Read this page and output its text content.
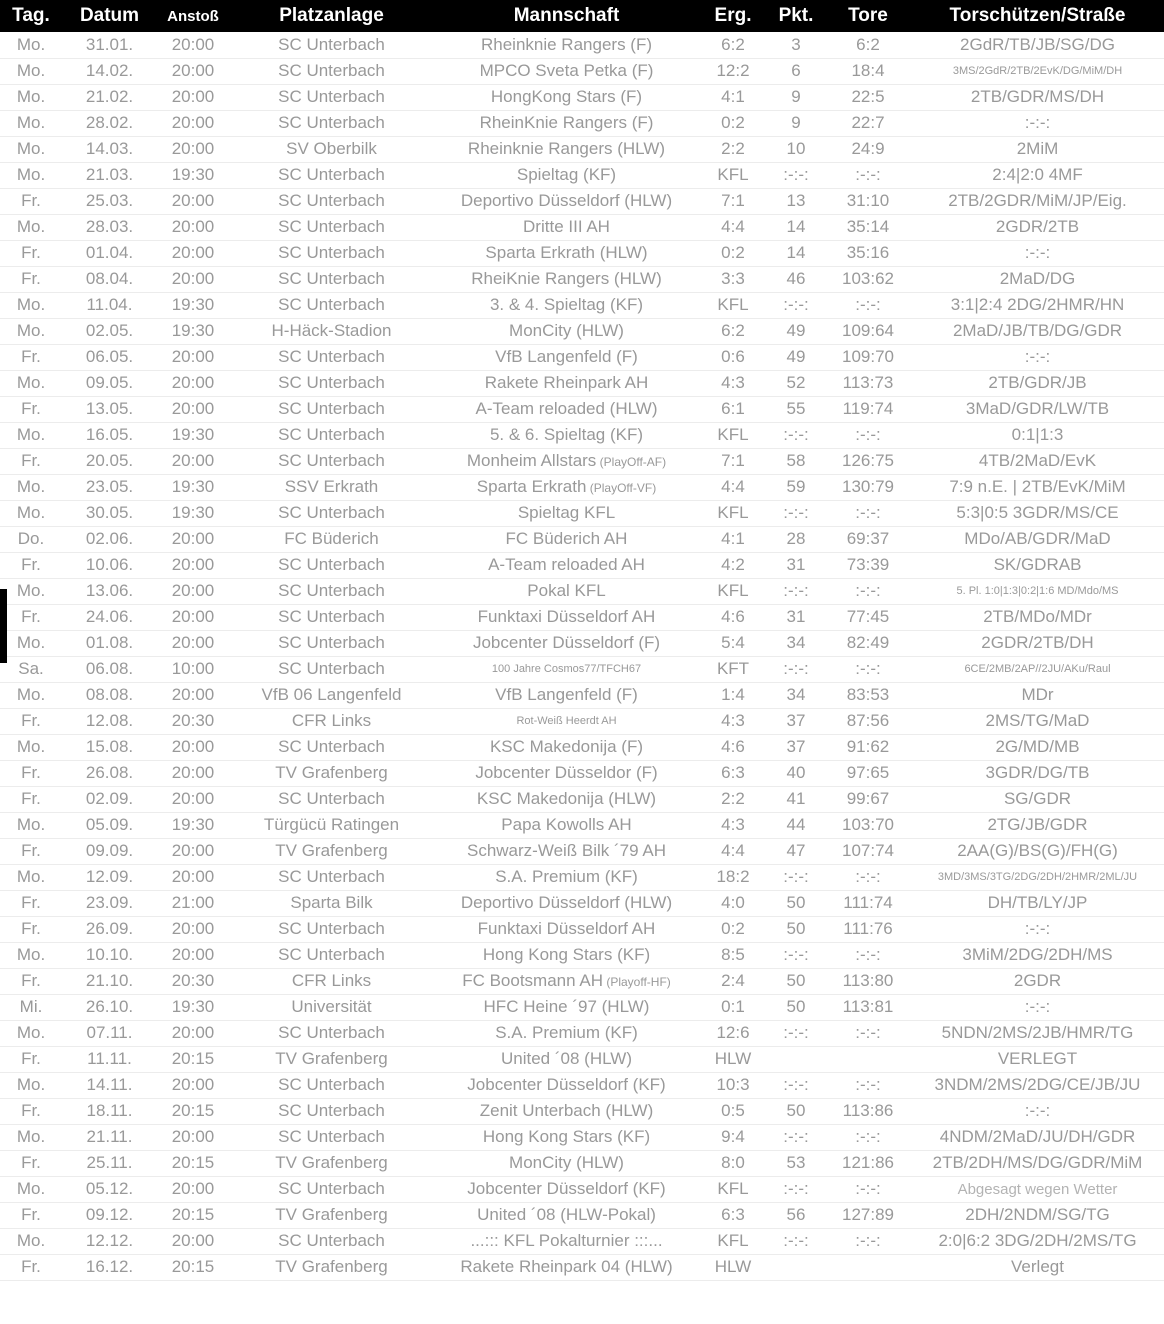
Tag.	Datum	Anstoß	Platzanlage	Mannschaft	Erg.	Pkt.	Tore	Torschützen/Straße
Mo.	31.01.	20:00	SC Unterbach	Rheinknie Rangers (F)	6:2	3	6:2	2GdR/TB/JB/SG/DG
Mo.	14.02.	20:00	SC Unterbach	MPCO Sveta Petka (F)	12:2	6	18:4	3MS/2GdR/2TB/2EvK/DG/MiM/DH
Mo.	21.02.	20:00	SC Unterbach	HongKong Stars (F)	4:1	9	22:5	2TB/GDR/MS/DH
Mo.	28.02.	20:00	SC Unterbach	RheinKnie Rangers (F)	0:2	9	22:7	:-:-:
Mo.	14.03.	20:00	SV Oberbilk	Rheinknie Rangers (HLW)	2:2	10	24:9	2MiM
Mo.	21.03.	19:30	SC Unterbach	Spieltag (KF)	KFL	:-:-:	:-:-:	2:4|2:0 4MF
Fr.	25.03.	20:00	SC Unterbach	Deportivo Düsseldorf (HLW)	7:1	13	31:10	2TB/2GDR/MiM/JP/Eig.
Mo.	28.03.	20:00	SC Unterbach	Dritte III AH	4:4	14	35:14	2GDR/2TB
Fr.	01.04.	20:00	SC Unterbach	Sparta Erkrath (HLW)	0:2	14	35:16	:-:-:
Fr.	08.04.	20:00	SC Unterbach	RheiKnie Rangers (HLW)	3:3	46	103:62	2MaD/DG
Mo.	11.04.	19:30	SC Unterbach	3. & 4. Spieltag (KF)	KFL	:-:-:	:-:-:	3:1|2:4 2DG/2HMR/HN
Mo.	02.05.	19:30	H-Häck-Stadion	MonCity (HLW)	6:2	49	109:64	2MaD/JB/TB/DG/GDR
Fr.	06.05.	20:00	SC Unterbach	VfB Langenfeld (F)	0:6	49	109:70	:-:-:
Mo.	09.05.	20:00	SC Unterbach	Rakete Rheinpark AH	4:3	52	113:73	2TB/GDR/JB
Fr.	13.05.	20:00	SC Unterbach	A-Team reloaded (HLW)	6:1	55	119:74	3MaD/GDR/LW/TB
Mo.	16.05.	19:30	SC Unterbach	5. & 6. Spieltag (KF)	KFL	:-:-:	:-:-:	0:1|1:3
Fr.	20.05.	20:00	SC Unterbach	Monheim Allstars (PlayOff-AF)	7:1	58	126:75	4TB/2MaD/EvK
Mo.	23.05.	19:30	SSV Erkrath	Sparta Erkrath (PlayOff-VF)	4:4	59	130:79	7:9 n.E. | 2TB/EvK/MiM
Mo.	30.05.	19:30	SC Unterbach	Spieltag KFL	KFL	:-:-:	:-:-:	5:3|0:5 3GDR/MS/CE
Do.	02.06.	20:00	FC Büderich	FC Büderich AH	4:1	28	69:37	MDo/AB/GDR/MaD
Fr.	10.06.	20:00	SC Unterbach	A-Team reloaded AH	4:2	31	73:39	SK/GDRAB
Mo.	13.06.	20:00	SC Unterbach	Pokal KFL	KFL	:-:-:	:-:-:	5. Pl. 1:0|1:3|0:2|1:6 MD/Mdo/MS
Fr.	24.06.	20:00	SC Unterbach	Funktaxi Düsseldorf AH	4:6	31	77:45	2TB/MDo/MDr
Mo.	01.08.	20:00	SC Unterbach	Jobcenter Düsseldorf (F)	5:4	34	82:49	2GDR/2TB/DH
Sa.	06.08.	10:00	SC Unterbach	100 Jahre Cosmos77/TFCH67	KFT	:-:-:	:-:-:	6CE/2MB/2AP//2JU/AKu/Raul
Mo.	08.08.	20:00	VfB 06 Langenfeld	VfB Langenfeld (F)	1:4	34	83:53	MDr
Fr.	12.08.	20:30	CFR Links	Rot-Weiß Heerdt AH	4:3	37	87:56	2MS/TG/MaD
Mo.	15.08.	20:00	SC Unterbach	KSC Makedonija (F)	4:6	37	91:62	2G/MD/MB
Fr.	26.08.	20:00	TV Grafenberg	Jobcenter Düsseldor (F)	6:3	40	97:65	3GDR/DG/TB
Fr.	02.09.	20:00	SC Unterbach	KSC Makedonija (HLW)	2:2	41	99:67	SG/GDR
Mo.	05.09.	19:30	Türgücü Ratingen	Papa Kowolls AH	4:3	44	103:70	2TG/JB/GDR
Fr.	09.09.	20:00	TV Grafenberg	Schwarz-Weiß Bilk ´79 AH	4:4	47	107:74	2AA(G)/BS(G)/FH(G)
Mo.	12.09.	20:00	SC Unterbach	S.A. Premium (KF)	18:2	:-:-:	:-:-:	3MD/3MS/3TG/2DG/2DH/2HMR/2ML/JU
Fr.	23.09.	21:00	Sparta Bilk	Deportivo Düsseldorf (HLW)	4:0	50	111:74	DH/TB/LY/JP
Fr.	26.09.	20:00	SC Unterbach	Funktaxi Düsseldorf AH	0:2	50	111:76	:-:-:
Mo.	10.10.	20:00	SC Unterbach	Hong Kong Stars (KF)	8:5	:-:-:	:-:-:	3MiM/2DG/2DH/MS
Fr.	21.10.	20:30	CFR Links	FC Bootsmann AH (Playoff-HF)	2:4	50	113:80	2GDR
Mi.	26.10.	19:30	Universität	HFC Heine ´97 (HLW)	0:1	50	113:81	:-:-:
Mo.	07.11.	20:00	SC Unterbach	S.A. Premium (KF)	12:6	:-:-:	:-:-:	5NDN/2MS/2JB/HMR/TG
Fr.	11.11.	20:15	TV Grafenberg	United ´08 (HLW)	HLW			VERLEGT
Mo.	14.11.	20:00	SC Unterbach	Jobcenter Düsseldorf (KF)	10:3	:-:-:	:-:-:	3NDM/2MS/2DG/CE/JB/JU
Fr.	18.11.	20:15	SC Unterbach	Zenit Unterbach (HLW)	0:5	50	113:86	:-:-:
Mo.	21.11.	20:00	SC Unterbach	Hong Kong Stars (KF)	9:4	:-:-:	:-:-:	4NDM/2MaD/JU/DH/GDR
Fr.	25.11.	20:15	TV Grafenberg	MonCity (HLW)	8:0	53	121:86	2TB/2DH/MS/DG/GDR/MiM
Mo.	05.12.	20:00	SC Unterbach	Jobcenter Düsseldorf (KF)	KFL	:-:-:	:-:-:	Abgesagt wegen Wetter
Fr.	09.12.	20:15	TV Grafenberg	United ´08 (HLW-Pokal)	6:3	56	127:89	2DH/2NDM/SG/TG
Mo.	12.12.	20:00	SC Unterbach	...::: KFL Pokalturnier :::...	KFL	:-:-:	:-:-:	2:0|6:2 3DG/2DH/2MS/TG
Fr.	16.12.	20:15	TV Grafenberg	Rakete Rheinpark 04 (HLW)	HLW			Verlegt
